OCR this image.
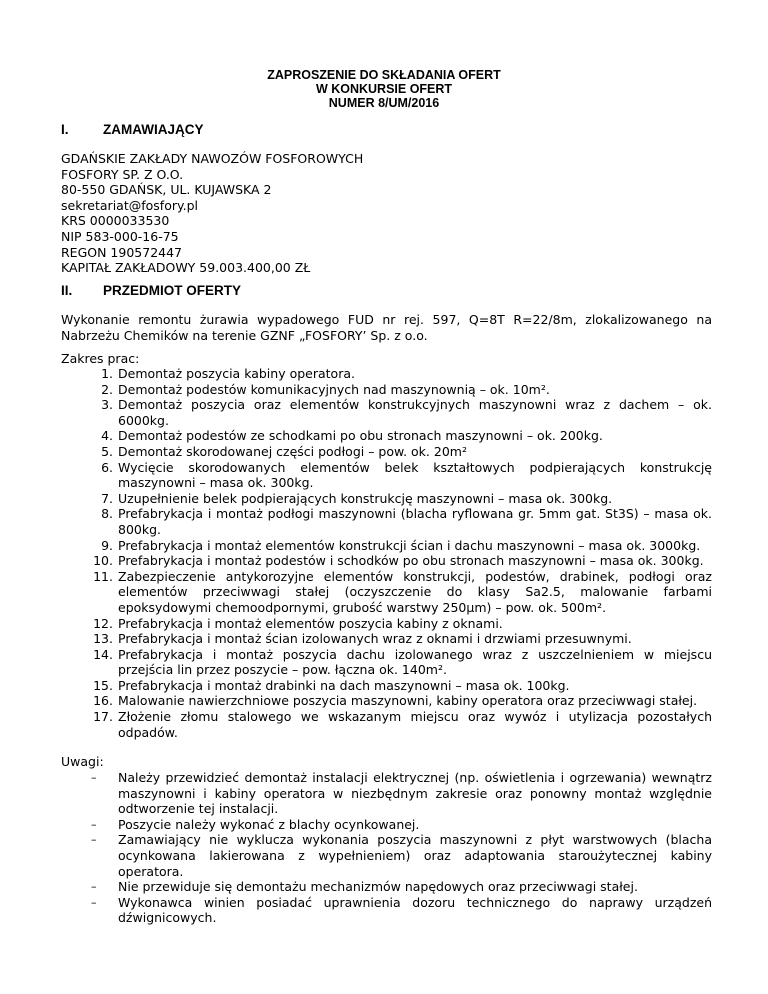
ZAPROSZENIE DO SKŁADANIA OFERT
W KONKURSIE OFERT
NUMER 8/UM/2016
I.	ZAMAWIAJĄCY
GDAŃSKIE ZAKŁADY NAWOZÓW FOSFOROWYCH
FOSFORY SP. Z O.O.
80-550 GDAŃSK, UL. KUJAWSKA 2
sekretariat@fosfory.pl
KRS 0000033530
NIP 583-000-16-75
REGON 190572447
KAPITAŁ ZAKŁADOWY 59.003.400,00 ZŁ
II. PRZEDMIOT OFERTY
Wykonanie remontu żurawia wypadowego FUD nr rej. 597, Q=8T R=22/8m, zlokalizowanego na Nabrzeżu Chemików na terenie GZNF „FOSFORY’ Sp. z o.o.
Zakres prac:
1. Demontaż poszycia kabiny operatora.
2. Demontaż podestów komunikacyjnych nad maszynownią – ok. 10m².
3. Demontaż poszycia oraz elementów konstrukcyjnych maszynowni wraz z dachem – ok. 6000kg.
4. Demontaż podestów ze schodkami po obu stronach maszynowni – ok. 200kg.
5. Demontaż skorodowanej części podłogi – pow. ok. 20m²
6. Wycięcie skorodowanych elementów belek kształtowych podpierających konstrukcję maszynowni – masa ok. 300kg.
7. Uzupełnienie belek podpierających konstrukcję maszynowni – masa ok. 300kg.
8. Prefabrykacja i montaż podłogi maszynowni (blacha ryflowana gr. 5mm gat. St3S) – masa ok. 800kg.
9. Prefabrykacja i montaż elementów konstrukcji ścian i dachu maszynowni – masa ok. 3000kg.
10. Prefabrykacja i montaż podestów i schodków po obu stronach maszynowni – masa ok. 300kg.
11. Zabezpieczenie antykorozyjne elementów konstrukcji, podestów, drabinek, podłogi oraz elementów przeciwwagi stałej (oczyszczenie do klasy Sa2.5, malowanie farbami epoksydowymi chemoodpornymi, grubość warstwy 250μm) – pow. ok. 500m².
12. Prefabrykacja i montaż elementów poszycia kabiny z oknami.
13. Prefabrykacja i montaż ścian izolowanych wraz z oknami i drzwiami przesuwnymi.
14. Prefabrykacja i montaż poszycia dachu izolowanego wraz z uszczelnieniem w miejscu przejścia lin przez poszycie – pow. łączna ok. 140m².
15. Prefabrykacja i montaż drabinki na dach maszynowni – masa ok. 100kg.
16. Malowanie nawierzchniowe poszycia maszynowni, kabiny operatora oraz przeciwwagi stałej.
17. Złożenie złomu stalowego we wskazanym miejscu oraz wywóz i utylizacja pozostałych odpadów.
Uwagi:
– Należy przewidzieć demontaż instalacji elektrycznej (np. oświetlenia i ogrzewania) wewnątrz maszynowni i kabiny operatora w niezbędnym zakresie oraz ponowny montaż względnie odtworzenie tej instalacji.
– Poszycie należy wykonać z blachy ocynkowanej.
– Zamawiający nie wyklucza wykonania poszycia maszynowni z płyt warstwowych (blacha ocynkowana lakierowana z wypełnieniem) oraz adaptowania staroużytecznej kabiny operatora.
– Nie przewiduje się demontażu mechanizmów napędowych oraz przeciwwagi stałej.
– Wykonawca winien posiadać uprawnienia dozoru technicznego do naprawy urządzeń dźwignicowych.
